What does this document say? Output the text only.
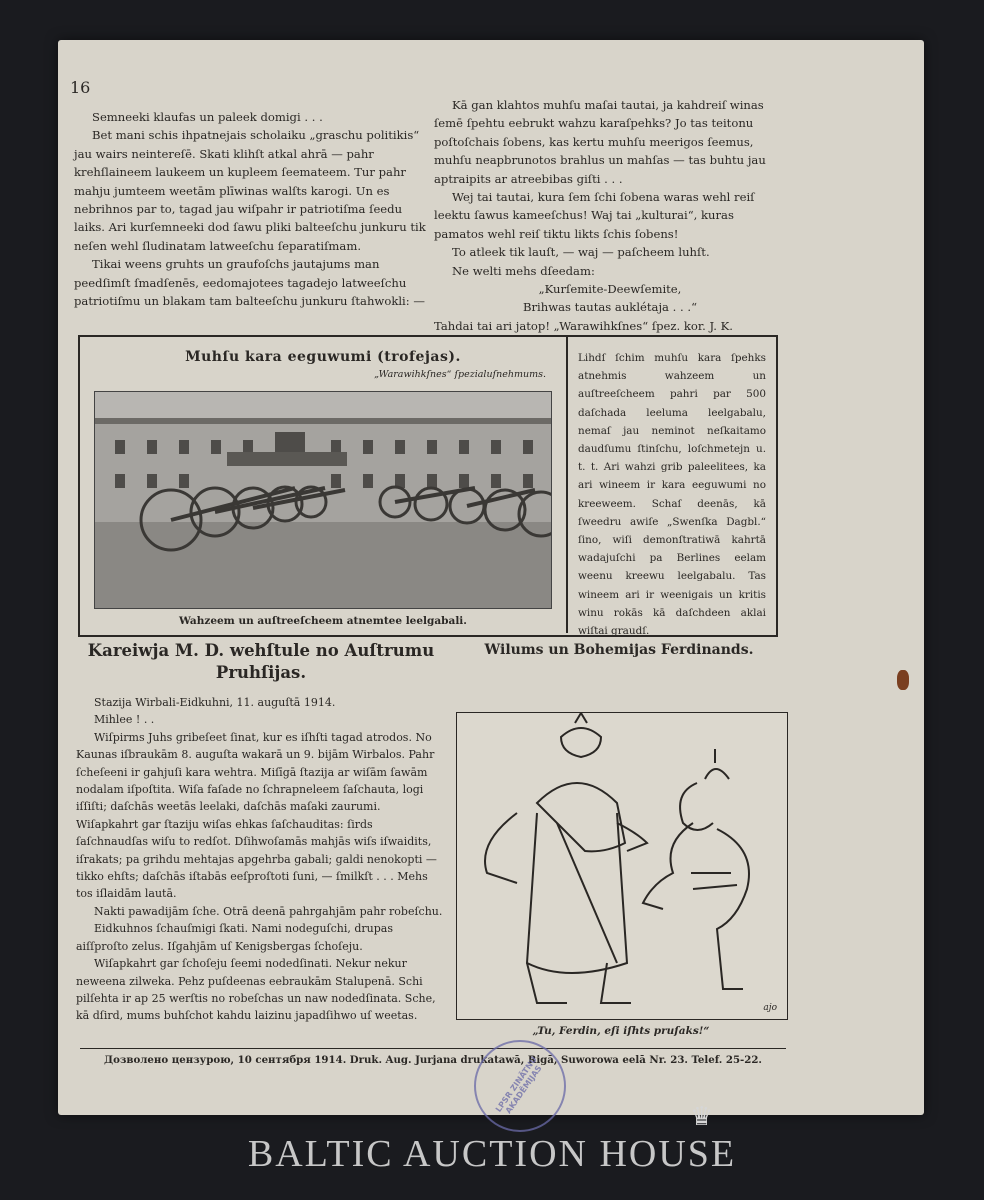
16

Semneeki klaufas un paleek domigi . . .

Bet mani schis ihpatnejais scholaiku „graschu politikis“ jau wairs neintereſē. Skati klihſt atkal ahrā — pahr krehſlaineem laukeem un kupleem ſeemateem. Tur pahr mahju jumteem weetām plīwinas walſts karogi. Un es nebrihnos par to, tagad jau wiſpahr ir patriotiſma ſeedu laiks. Ari kurſemneeki dod ſawu pliki balteeſchu junkuru tik neſen wehl ſludinatam latweeſchu ſeparatiſmam.

Tikai weens gruhts un graufoſchs jautajums man peedſimſt ſmadſenēs, eedomajotees tagadejo latweeſchu patriotiſmu un blakam tam balteeſchu junkuru ſtahwokli: —

Kā gan klahtos muhſu maſai tautai, ja kahdreiſ winas ſemē ſpehtu eebrukt wahzu karaſpehks? Jo tas teitonu poſtoſchais ſobens, kas kertu muhſu meerigos ſeemus, muhſu neapbrunotos brahlus un mahſas — tas buhtu jau aptraipits ar atreebibas giſti . . .

Wej tai tautai, kura ſem ſchi ſobena waras wehl reiſ leektu ſawus kameeſchus! Waj tai „kulturai“, kuras pamatos wehl reiſ tiktu likts ſchis ſobens!

To atleek tik lauſt, — waj — paſcheem luhſt.

Ne welti mehs dſeedam:

„Kurſemite-Deewſemite,

Brihwas tautas auklétaja . . .“

Tahdai tai ari jatop! „Warawihkſnes“ ſpez. kor. J. K.

Muhſu kara eeguwumi (trofejas).
„Warawihkſnes“ ſpezialuſnehmums.
Wahzeem un auſtreeſcheem atnemtee leelgabali.
Lihdſ ſchim muhſu kara ſpehks atnehmis wahzeem un auſtreeſcheem pahri par 500 daſchada leeluma leelgabalu, nemaſ jau neminot neſkaitamo daudſumu ſtinſchu, loſchmetejn u. t. t. Ari wahzi grib paleelitees, ka ari wineem ir kara eeguwumi no kreeweem. Schaſ deenās, kā ſweedru awiſe „Swenſka Dagbl.“ ſino, wiſi demonſtratiwā kahrtā wadajuſchi pa Berlines eelam weenu kreewu leelgabalu. Tas wineem ari ir weenigais un kritis winu rokās kā daſchdeen aklai wiſtai graudſ.
Kareiwja M. D. wehſtule no Auſtrumu Pruhſijas.

Stazija Wirbali-Eidkuhni, 11. auguſtā 1914.

Mihlee ! . .

Wiſpirms Juhs gribeſeet ſinat, kur es iſhſti tagad atrodos. No Kaunas iſbraukām 8. auguſta wakarā un 9. bijām Wirbalos. Pahr ſcheſeeni ir gahjuſi kara wehtra. Miſīgā ſtazija ar wiſām ſawām nodalam iſpoſtita. Wiſa faſade no ſchrapneleem ſaſchauta, logi iſſiſti; daſchās weetās leelaki, daſchās maſaki zaurumi. Wiſapkahrt gar ſtaziju wiſas ehkas ſaſchauditas: ſirds ſaſchnaudſas wiſu to redſot. Dſihwoſamās mahjās wiſs iſwaidits, iſrakats; pa grihdu mehtajas apgehrba gabali; galdi nenokopti — tikko ehſts; daſchās iſtabās eeſproſtoti ſuni, — ſmilkſt . . . Mehs tos iſlaidām lautā.

Nakti pawadijām ſche. Otrā deenā pahrgahjām pahr robeſchu.

Eidkuhnos ſchauſmigi ſkati. Nami nodeguſchi, drupas aiſſproſto zelus. Iſgahjām uſ Kenigsbergas ſchoſeju.

Wiſapkahrt gar ſchoſeju ſeemi nodedſinati. Nekur nekur neweena zilweka. Pehz puſdeenas eebraukām Stalupenā. Schi pilſehta ir ap 25 werſtis no robeſchas un naw nodedſinata. Sche, kā dſird, mums buhſchot kahdu laizinu japadſihwo uſ weetas.

Wilums un Bohemijas Ferdinands.
ajo
„Tu, Ferdin, eſi iſhts pruſaks!“
Дозволено цензурою, 10 сентября 1914. Druk. Aug. Jurjana drukatawā, Rigā, Suworowa eelā Nr. 23. Telef. 25-22.
LPSR ZINĀTNU AKADĒMIJAS
♛
BALTIC AUCTION HOUSE
